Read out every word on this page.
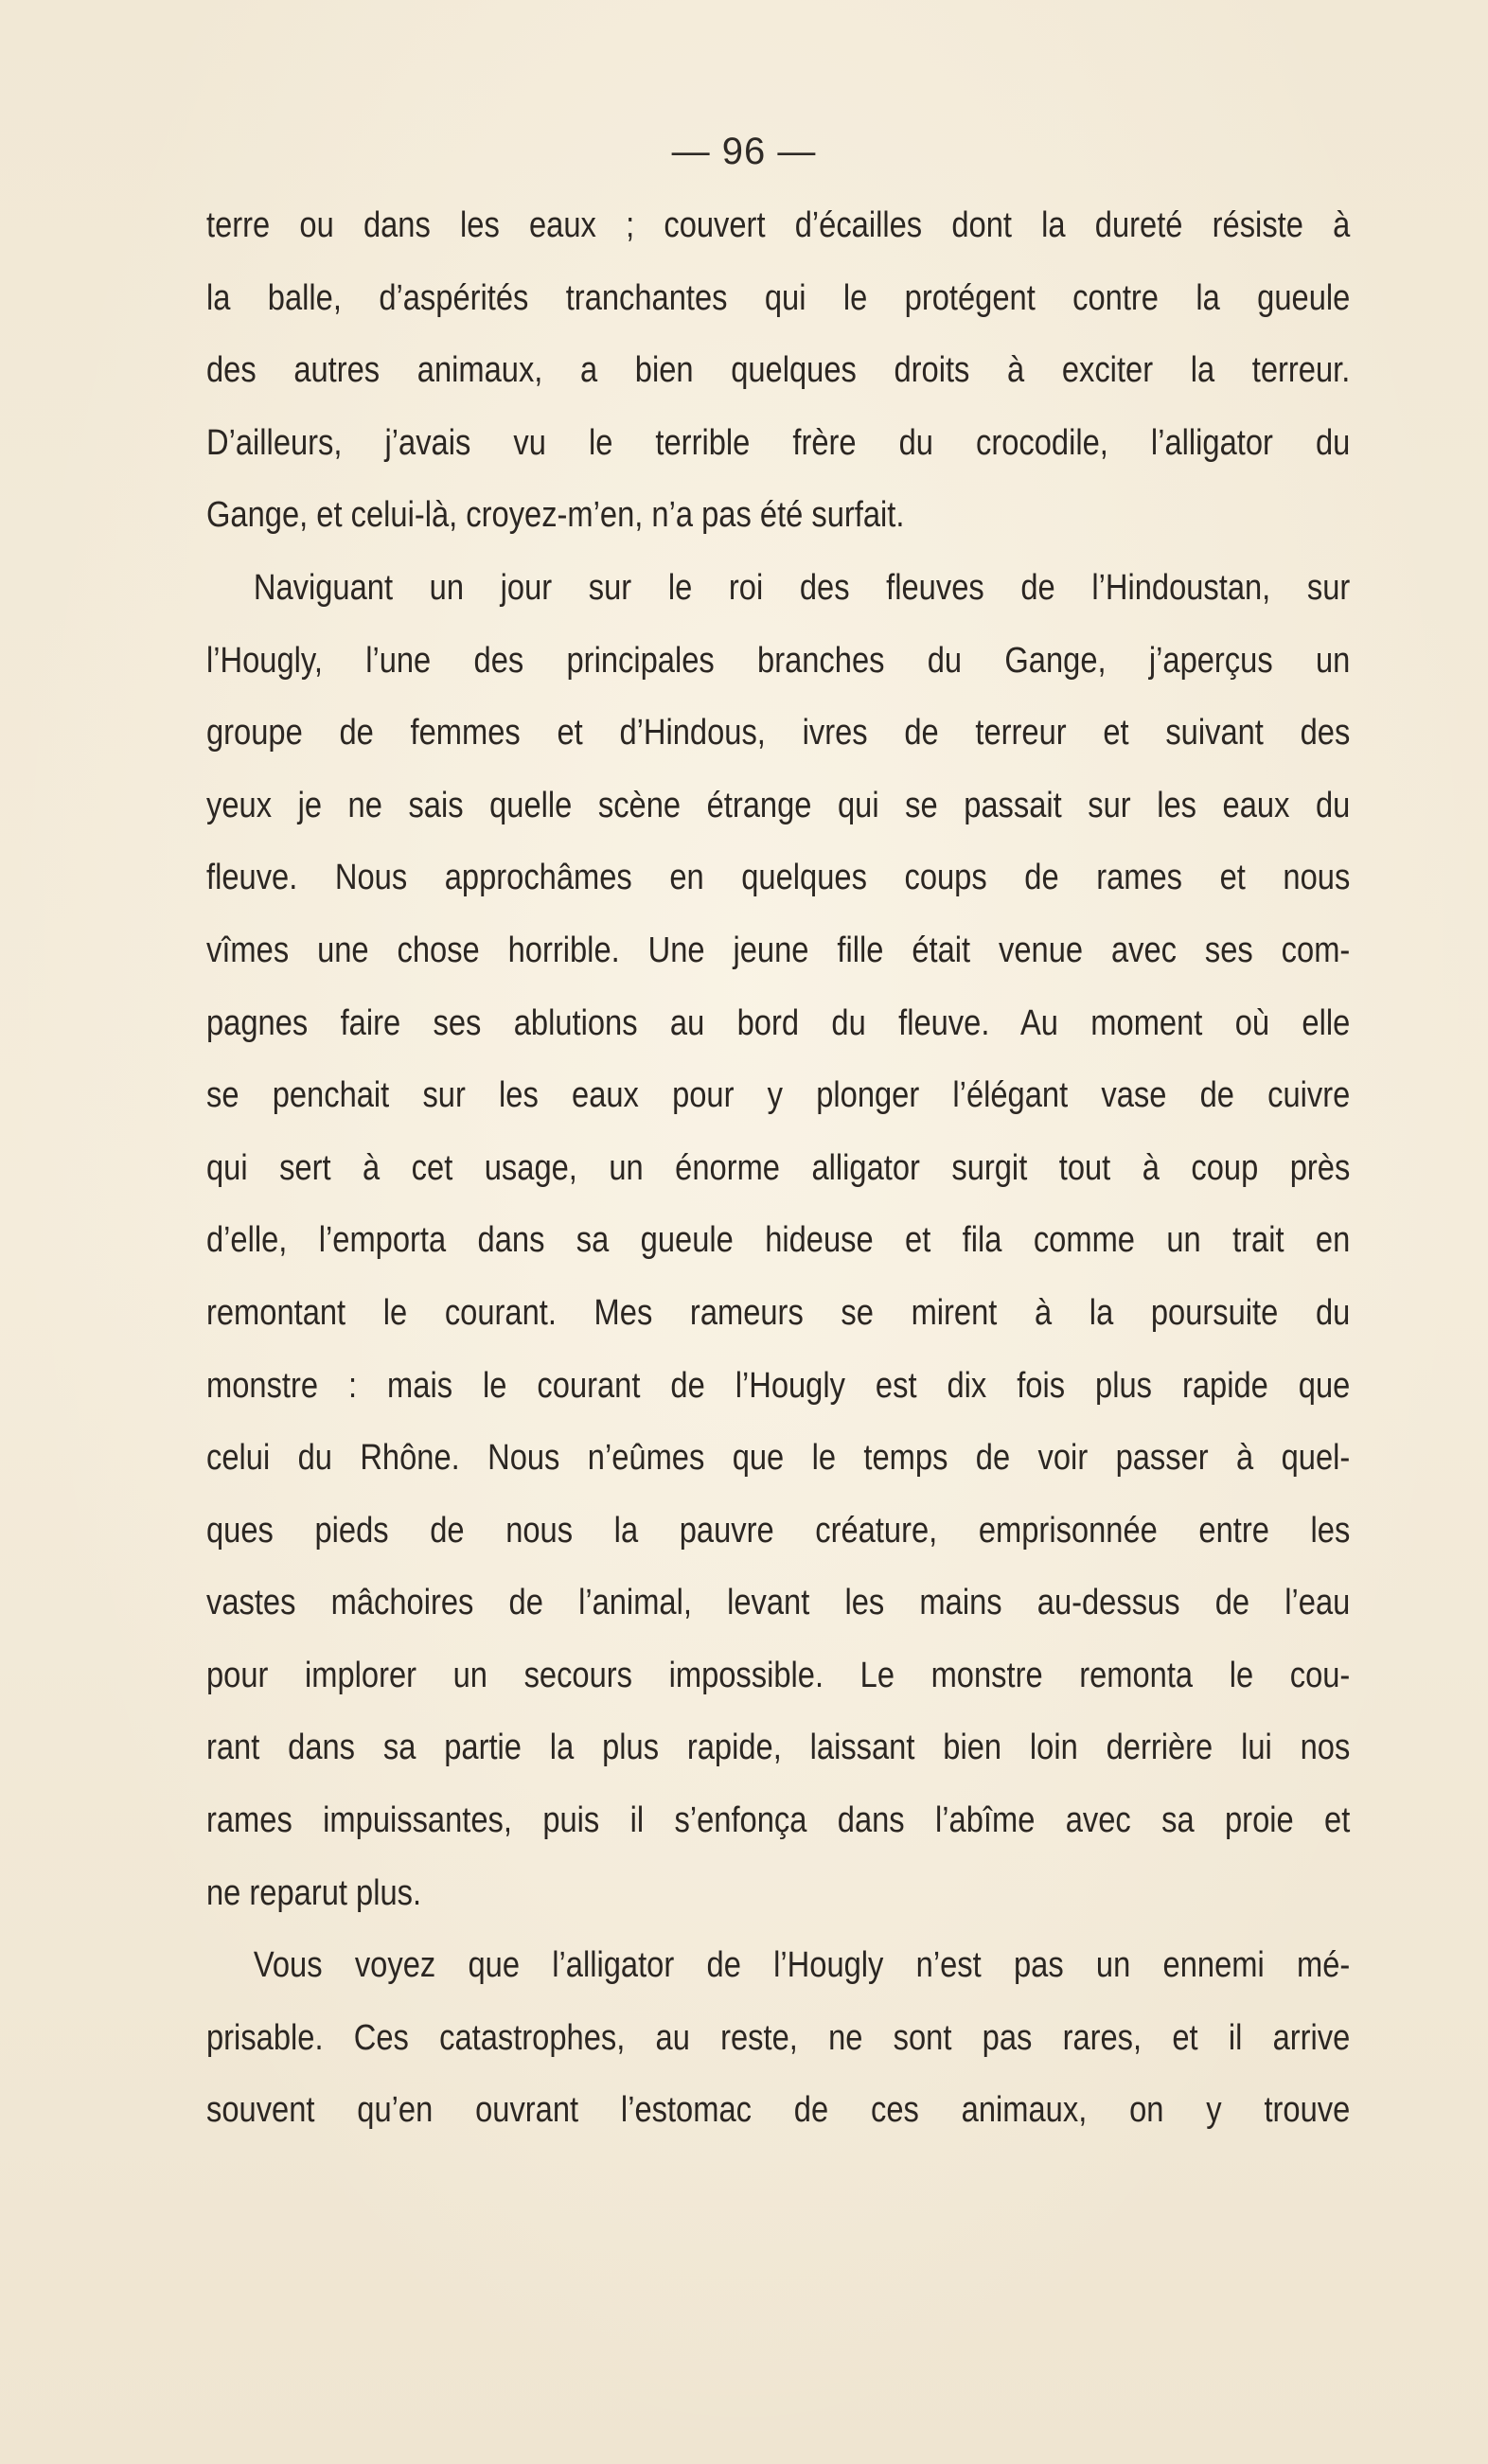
— 96 —
terre ou dans les eaux ; couvert d’écailles dont la dureté résiste à
la balle, d’aspérités tranchantes qui le protégent contre la gueule
des autres animaux, a bien quelques droits à exciter la terreur.
D’ailleurs, j’avais vu le terrible frère du crocodile, l’alligator du
Gange, et celui-là, croyez-m’en, n’a pas été surfait.
Naviguant un jour sur le roi des fleuves de l’Hindoustan, sur
l’Hougly, l’une des principales branches du Gange, j’aperçus un
groupe de femmes et d’Hindous, ivres de terreur et suivant des
yeux je ne sais quelle scène étrange qui se passait sur les eaux du
fleuve. Nous approchâmes en quelques coups de rames et nous
vîmes une chose horrible. Une jeune fille était venue avec ses com-
pagnes faire ses ablutions au bord du fleuve. Au moment où elle
se penchait sur les eaux pour y plonger l’élégant vase de cuivre
qui sert à cet usage, un énorme alligator surgit tout à coup près
d’elle, l’emporta dans sa gueule hideuse et fila comme un trait en
remontant le courant. Mes rameurs se mirent à la poursuite du
monstre : mais le courant de l’Hougly est dix fois plus rapide que
celui du Rhône. Nous n’eûmes que le temps de voir passer à quel-
ques pieds de nous la pauvre créature, emprisonnée entre les
vastes mâchoires de l’animal, levant les mains au-dessus de l’eau
pour implorer un secours impossible. Le monstre remonta le cou-
rant dans sa partie la plus rapide, laissant bien loin derrière lui nos
rames impuissantes, puis il s’enfonça dans l’abîme avec sa proie et
ne reparut plus.
Vous voyez que l’alligator de l’Hougly n’est pas un ennemi mé-
prisable. Ces catastrophes, au reste, ne sont pas rares, et il arrive
souvent qu’en ouvrant l’estomac de ces animaux, on y trouve
